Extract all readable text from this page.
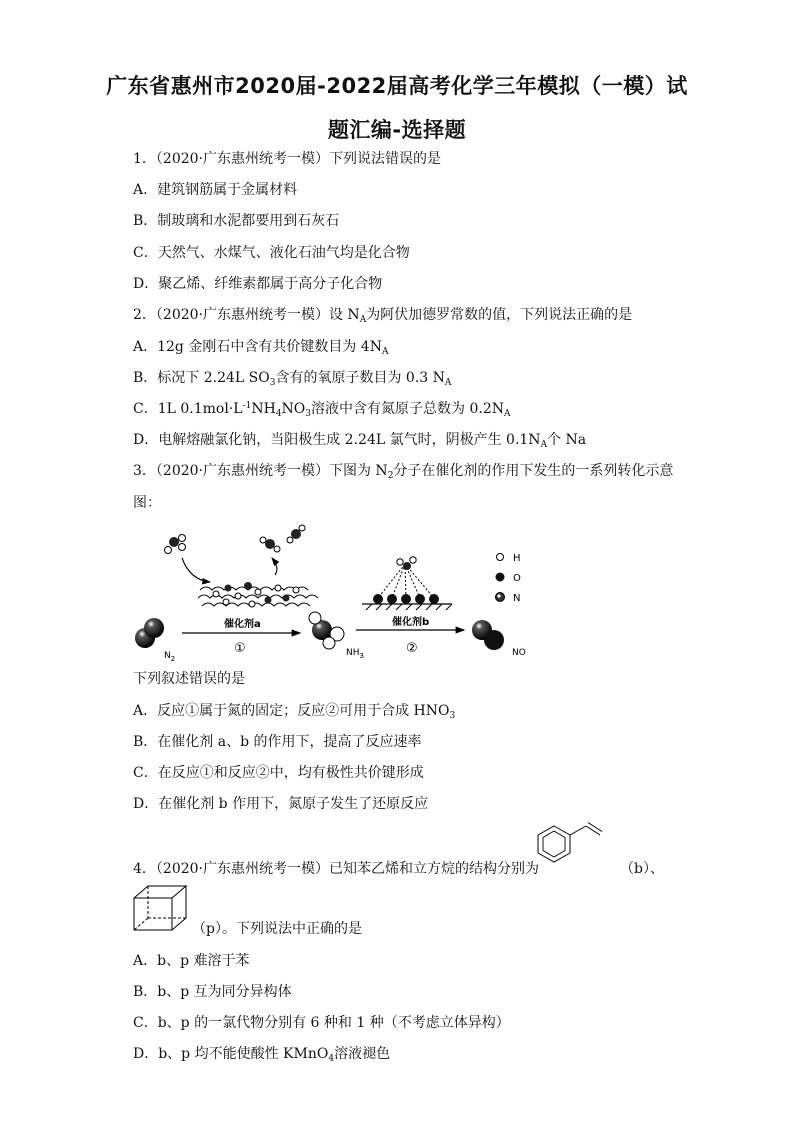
广东省惠州市2020届-2022届高考化学三年模拟（一模）试
题汇编-选择题
1．（2020·广东惠州统考一模）下列说法错误的是
A．建筑钢筋属于金属材料
B．制玻璃和水泥都要用到石灰石
C．天然气、水煤气、液化石油气均是化合物
D．聚乙烯、纤维素都属于高分子化合物
2．（2020·广东惠州统考一模）设 $N_A$为阿伏加德罗常数的值，下列说法正确的是
A．12g 金刚石中含有共价键数目为 $4N_A$
B．标况下 2.24L $SO_3$含有的氧原子数目为 0.3 $N_A$
C．1L $0.1mol\cdot L^{-1}NH_4NO_3$溶液中含有氮原子总数为 $0.2N_A$
D．电解熔融氯化钠，当阳极生成 2.24L 氯气时，阴极产生 $0.1N_A$个 Na
3．（2020·广东惠州统考一模）下图为 $N_2$分子在催化剂的作用下发生的一系列转化示意
图：
H
O
N
$N_2$
催化剂a
①	$NH_3$
催化剂b
②	NO
下列叙述错误的是
A．反应①属于氮的固定；反应②可用于合成 $HNO_3$
B．在催化剂 a、b 的作用下，提高了反应速率
C．在反应①和反应②中，均有极性共价键形成
D．在催化剂 b 作用下，氮原子发生了还原反应
4．（2020·广东惠州统考一模）已知苯乙烯和立方烷的结构分别为	（b）、
（p）。下列说法中正确的是
A．b、p 难溶于苯
B．b、p 互为同分异构体
C．b、p 的一氯代物分别有 6 种和 1 种（不考虑立体异构）
D．b、p 均不能使酸性 KMnO$_4$溶液褪色
